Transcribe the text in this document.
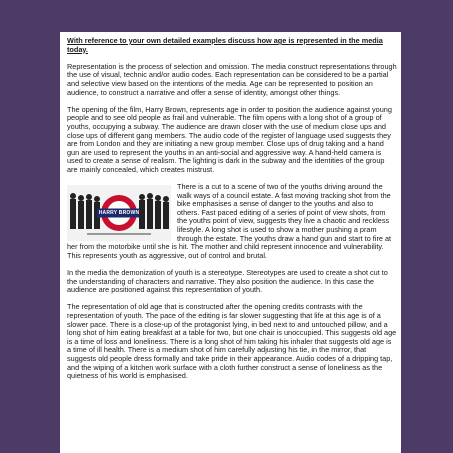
With reference to your own detailed examples discuss how age is represented in the media today.

Representation is the process of selection and omission. The media construct representations through the use of visual, technic and/or audio codes. Each representation can be considered to be a partial and selective view based on the intentions of the media. Age can be represented to position an audience, to construct a narrative and offer a sense of identity, amongst other things.

The opening of the film, Harry Brown, represents age in order to position the audience against young people and to see old people as frail and vulnerable. The film opens with a long shot of a group of youths, occupying a subway. The audience are drawn closer with the use of medium close ups and close ups of different gang members. The audio code of the register of language used suggests they are from London and they are initiating a new group member. Close ups of drug taking and a hand gun are used to represent the youths in an anti-social and aggressive way. A hand-held camera is used to create a sense of realism. The lighting is dark in the subway and the identities of the group are mainly concealed, which creates mistrust.

HARRY BROWN

There is a cut to a scene of two of the youths driving around the walk ways of a council estate. A fast moving tracking shot from the bike emphasises a sense of danger to the youths and also to others. Fast paced editing of a series of point of view shots, from the youths point of view, suggests they live a chaotic and reckless lifestyle. A long shot is used to show a mother pushing a pram through the estate. The youths draw a hand gun and start to fire at her from the motorbike until she is hit. The mother and child represent innocence and vulnerability. This represents youth as aggressive, out of control and brutal.

In the media the demonization of youth is a stereotype. Stereotypes are used to create a shot cut to the understanding of characters and narrative. They also position the audience. In this case the audience are positioned against this representation of youth.

The representation of old age that is constructed after the opening credits contrasts with the representation of youth. The pace of the editing is far slower suggesting that life at this age is of a slower pace. There is a close-up of the protagonist lying, in bed next to and untouched pillow, and a long shot of him eating breakfast at a table for two, but one chair is unoccupied. This suggests old age is a time of loss and loneliness. There is a long shot of him taking his inhaler that suggests old age is a time of ill health. There is a medium shot of him carefully adjusting his tie, in the mirror, that suggests old people dress formally and take pride in their appearance. Audio codes of a dripping tap, and the wiping of a kitchen work surface with a cloth further construct a sense of loneliness as the quietness of his world is emphasised.
